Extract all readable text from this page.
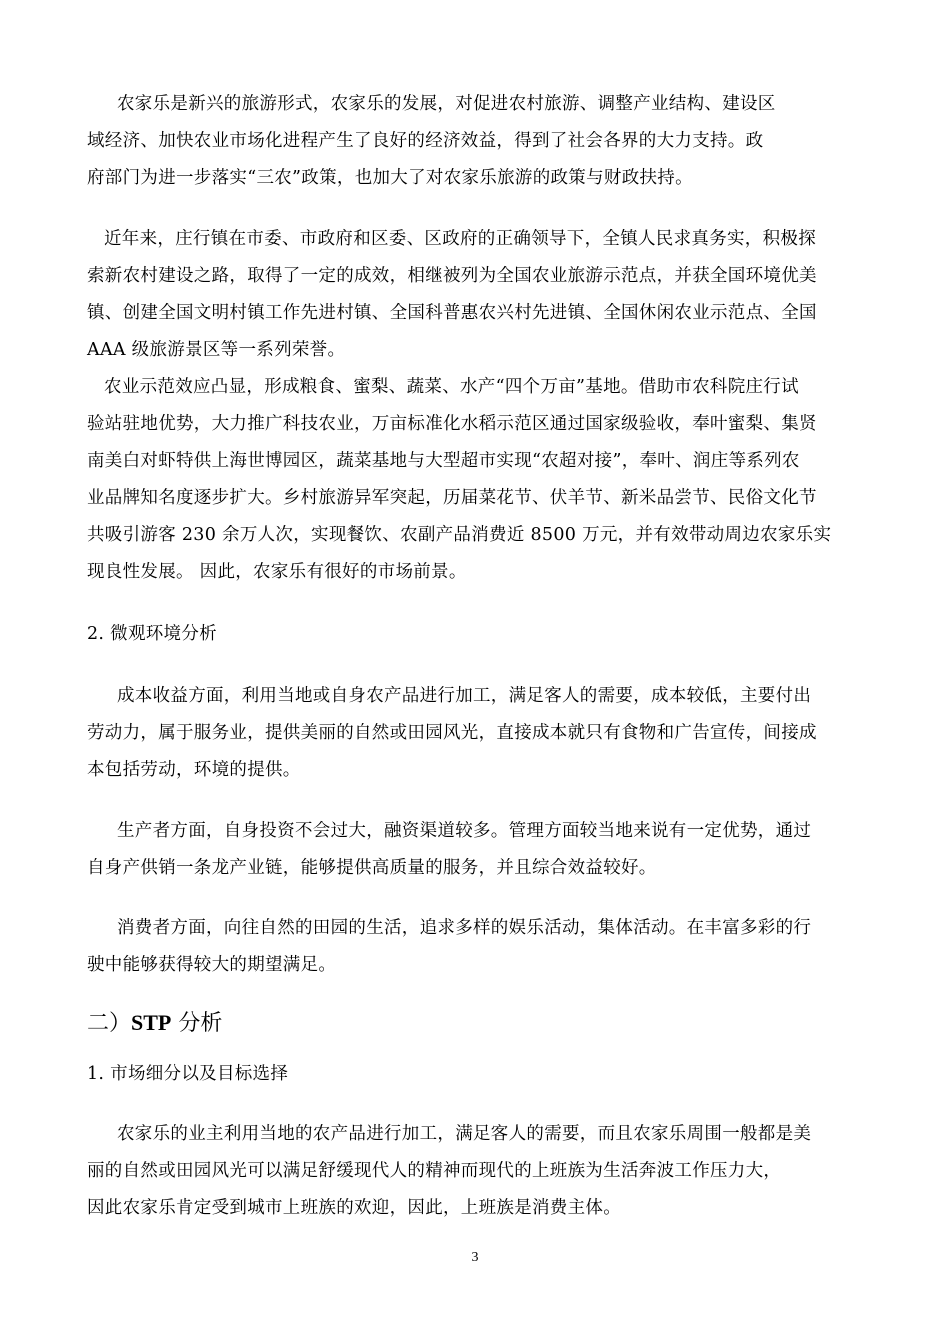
农家乐是新兴的旅游形式，农家乐的发展，对促进农村旅游、调整产业结构、建设区
域经济、加快农业市场化进程产生了良好的经济效益，得到了社会各界的大力支持。政
府部门为进一步落实“三农”政策，也加大了对农家乐旅游的政策与财政扶持。
近年来，庄行镇在市委、市政府和区委、区政府的正确领导下，全镇人民求真务实，积极探
索新农村建设之路，取得了一定的成效，相继被列为全国农业旅游示范点，并获全国环境优美
镇、创建全国文明村镇工作先进村镇、全国科普惠农兴村先进镇、全国休闲农业示范点、全国
AAA 级旅游景区等一系列荣誉。
农业示范效应凸显，形成粮食、蜜梨、蔬菜、水产“四个万亩”基地。借助市农科院庄行试
验站驻地优势，大力推广科技农业，万亩标准化水稻示范区通过国家级验收，奉叶蜜梨、集贤
南美白对虾特供上海世博园区，蔬菜基地与大型超市实现“农超对接”，奉叶、润庄等系列农
业品牌知名度逐步扩大。乡村旅游异军突起，历届菜花节、伏羊节、新米品尝节、民俗文化节
共吸引游客 230 余万人次，实现餐饮、农副产品消费近 8500 万元，并有效带动周边农家乐实
现良性发展。 因此，农家乐有很好的市场前景。
2. 微观环境分析
成本收益方面，利用当地或自身农产品进行加工，满足客人的需要，成本较低，主要付出
劳动力，属于服务业，提供美丽的自然或田园风光，直接成本就只有食物和广告宣传，间接成
本包括劳动，环境的提供。
生产者方面，自身投资不会过大，融资渠道较多。管理方面较当地来说有一定优势，通过
自身产供销一条龙产业链，能够提供高质量的服务，并且综合效益较好。
消费者方面，向往自然的田园的生活，追求多样的娱乐活动，集体活动。在丰富多彩的行
驶中能够获得较大的期望满足。
二）STP 分析
1. 市场细分以及目标选择
农家乐的业主利用当地的农产品进行加工，满足客人的需要，而且农家乐周围一般都是美
丽的自然或田园风光可以满足舒缓现代人的精神而现代的上班族为生活奔波工作压力大，
因此农家乐肯定受到城市上班族的欢迎，因此，上班族是消费主体。
3
